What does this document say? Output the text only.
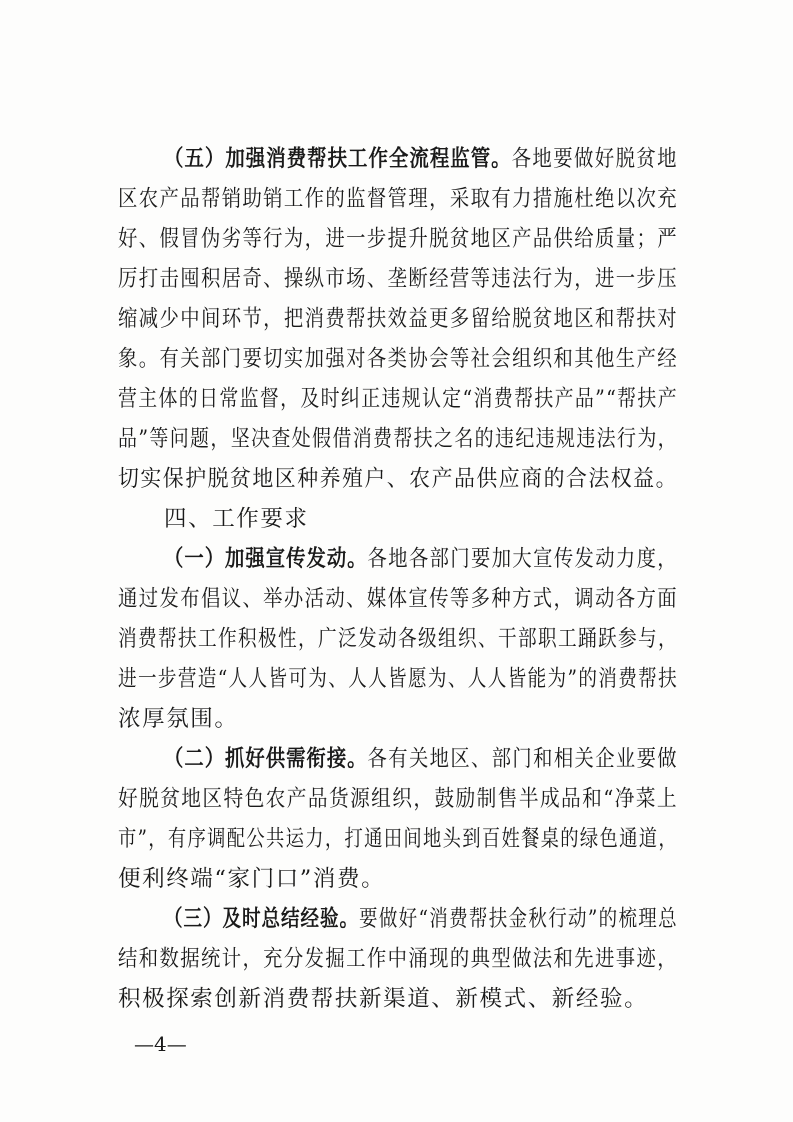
（五）加强消费帮扶工作全流程监管。各地要做好脱贫地
区农产品帮销助销工作的监督管理，采取有力措施杜绝以次充
好、假冒伪劣等行为，进一步提升脱贫地区产品供给质量；严
厉打击囤积居奇、操纵市场、垄断经营等违法行为，进一步压
缩减少中间环节，把消费帮扶效益更多留给脱贫地区和帮扶对
象。有关部门要切实加强对各类协会等社会组织和其他生产经
营主体的日常监督，及时纠正违规认定“消费帮扶产品”“帮扶产
品”等问题，坚决查处假借消费帮扶之名的违纪违规违法行为，
切实保护脱贫地区种养殖户、农产品供应商的合法权益。
四、工作要求
（一）加强宣传发动。各地各部门要加大宣传发动力度，
通过发布倡议、举办活动、媒体宣传等多种方式，调动各方面
消费帮扶工作积极性，广泛发动各级组织、干部职工踊跃参与，
进一步营造“人人皆可为、人人皆愿为、人人皆能为”的消费帮扶
浓厚氛围。
（二）抓好供需衔接。各有关地区、部门和相关企业要做
好脱贫地区特色农产品货源组织，鼓励制售半成品和“净菜上
市”，有序调配公共运力，打通田间地头到百姓餐桌的绿色通道，
便利终端“家门口”消费。
（三）及时总结经验。要做好“消费帮扶金秋行动”的梳理总
结和数据统计，充分发掘工作中涌现的典型做法和先进事迹，
积极探索创新消费帮扶新渠道、新模式、新经验。
—4—
